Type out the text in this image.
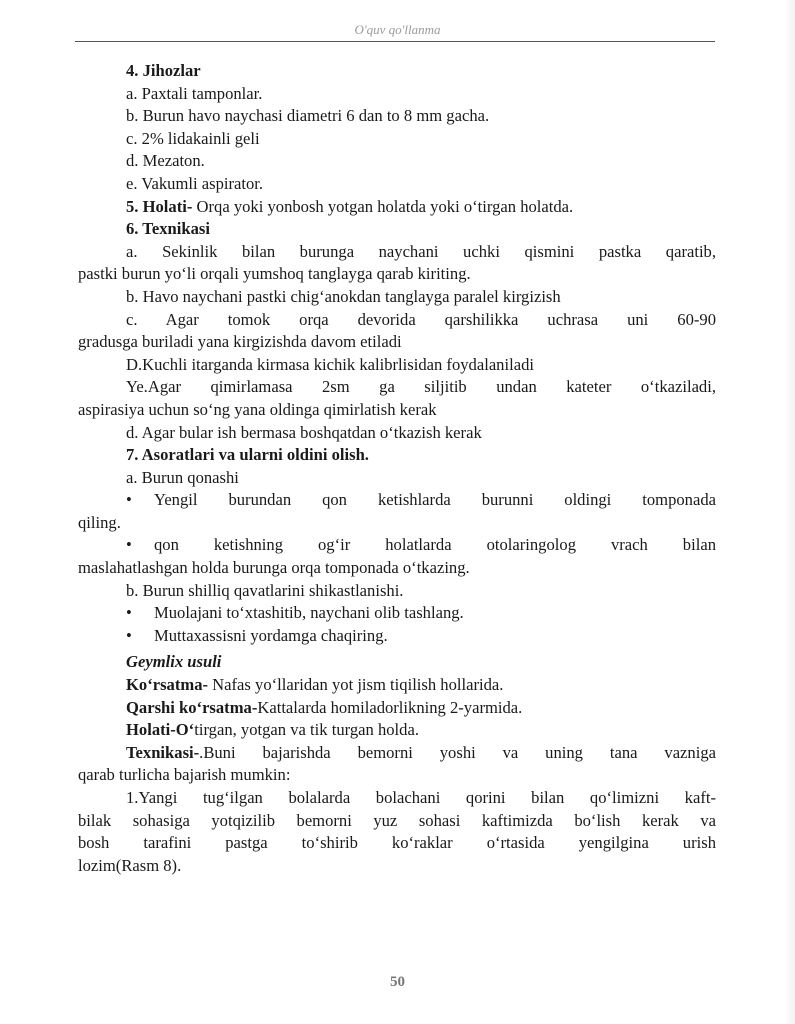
O'quv qo'llanma
4. Jihozlar
a. Paxtali tamponlar.
b. Burun havo naychasi diametri 6 dan to 8 mm gacha.
c. 2% lidakainli geli
d. Mezaton.
e. Vakumli aspirator.
5. Holati- Orqa yoki yonbosh yotgan holatda yoki o‘tirgan holatda.
6. Texnikasi
a. Sekinlik bilan burunga naychani uchki qismini pastka qaratib,
pastki burun yo‘li orqali yumshoq tanglayga qarab kiriting.
b. Havo naychani pastki chig‘anokdan tanglayga paralel kirgizish
c. Agar tomok orqa devorida qarshilikka uchrasa uni 60-90
gradusga buriladi yana kirgizishda davom etiladi
D.Kuchli itarganda kirmasa kichik kalibrlisidan foydalaniladi
Ye.Agar qimirlamasa 2sm ga siljitib undan kateter o‘tkaziladi,
aspirasiya uchun so‘ng yana oldinga qimirlatish kerak
d. Agar bular ish bermasa boshqatdan o‘tkazish kerak
7. Asoratlari va ularni oldini olish.
a. Burun qonashi
• Yengil burundan qon ketishlarda burunni oldingi tomponada
qiling.
• qon ketishning og‘ir holatlarda otolaringolog vrach bilan
maslahatlashgan holda burunga orqa tomponada o‘tkazing.
b. Burun shilliq qavatlarini shikastlanishi.
• Muolajani to‘xtashitib, naychani olib tashlang.
• Muttaxassisni yordamga chaqiring.
Geymlix usuli
Ko‘rsatma- Nafas yo‘llaridan yot jism tiqilish hollarida.
Qarshi ko‘rsatma-Kattalarda homiladorlikning 2-yarmida.
Holati-O‘tirgan, yotgan va tik turgan holda.
Texnikasi-.Buni bajarishda bemorni yoshi va uning tana vazniga
qarab turlicha bajarish mumkin:
1.Yangi tug‘ilgan bolalarda bolachani qorini bilan qo‘limizni kaft-
bilak sohasiga yotqizilib bemorni yuz sohasi kaftimizda bo‘lish kerak va
bosh tarafini pastga to‘shirib ko‘raklar o‘rtasida yengilgina urish
lozim(Rasm 8).
50
